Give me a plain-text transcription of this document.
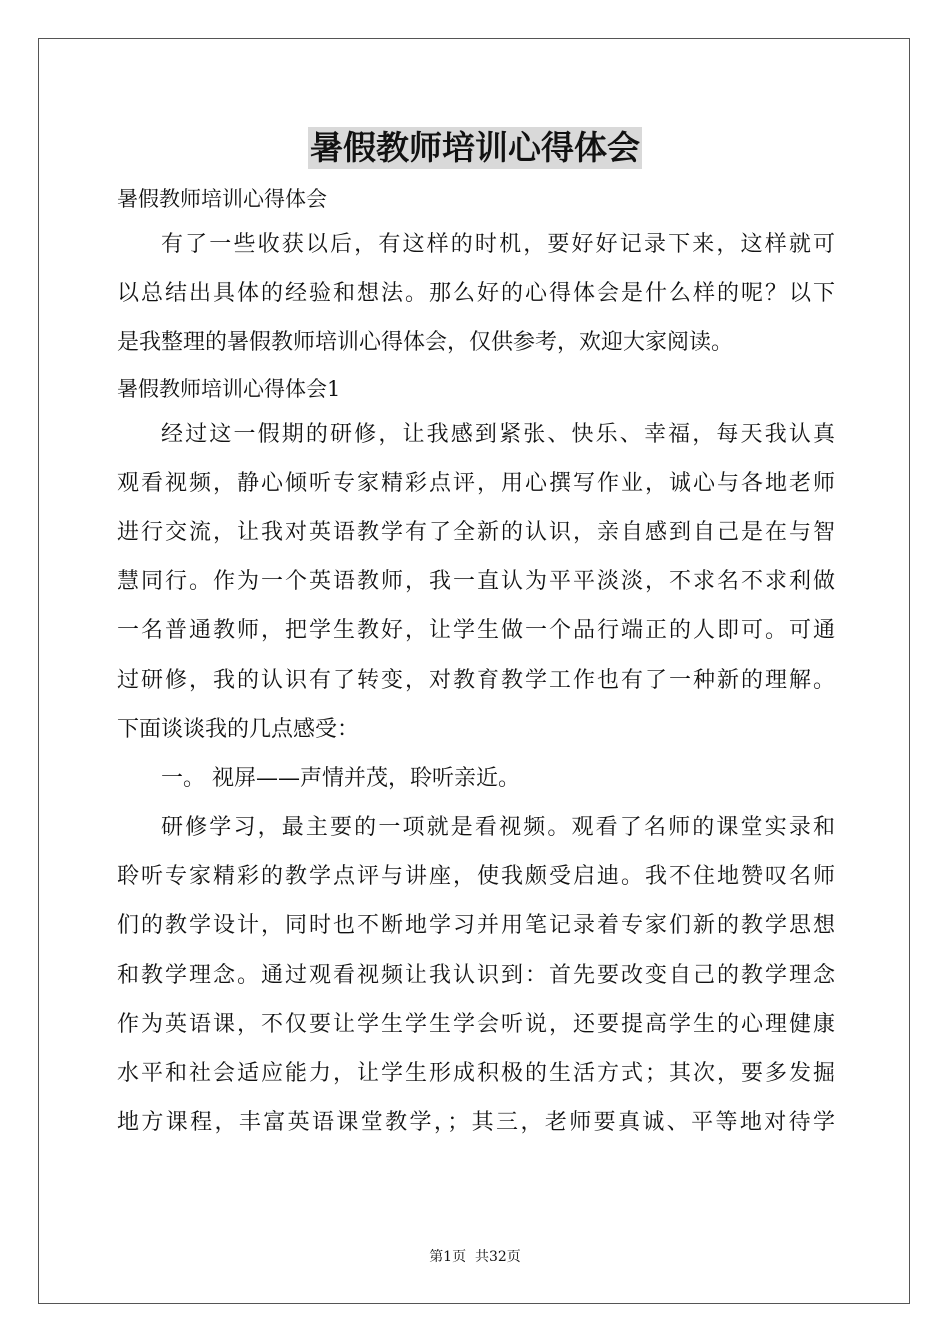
暑假教师培训心得体会
暑假教师培训心得体会
有了一些收获以后，有这样的时机，要好好记录下来，这样就可
以总结出具体的经验和想法。那么好的心得体会是什么样的呢？以下
是我整理的暑假教师培训心得体会，仅供参考，欢迎大家阅读。
暑假教师培训心得体会1
经过这一假期的研修，让我感到紧张、快乐、幸福，每天我认真
观看视频，静心倾听专家精彩点评，用心撰写作业，诚心与各地老师
进行交流，让我对英语教学有了全新的认识，亲自感到自己是在与智
慧同行。作为一个英语教师，我一直认为平平淡淡，不求名不求利做
一名普通教师，把学生教好，让学生做一个品行端正的人即可。可通
过研修，我的认识有了转变，对教育教学工作也有了一种新的理解。
下面谈谈我的几点感受：
一。 视屏——声情并茂，聆听亲近。
研修学习，最主要的一项就是看视频。观看了名师的课堂实录和
聆听专家精彩的教学点评与讲座，使我颇受启迪。我不住地赞叹名师
们的教学设计，同时也不断地学习并用笔记录着专家们新的教学思想
和教学理念。通过观看视频让我认识到：首先要改变自己的教学理念
作为英语课，不仅要让学生学生学会听说，还要提高学生的心理健康
水平和社会适应能力，让学生形成积极的生活方式；其次，要多发掘
地方课程，丰富英语课堂教学，；其三，老师要真诚、平等地对待学
第1页  共32页
